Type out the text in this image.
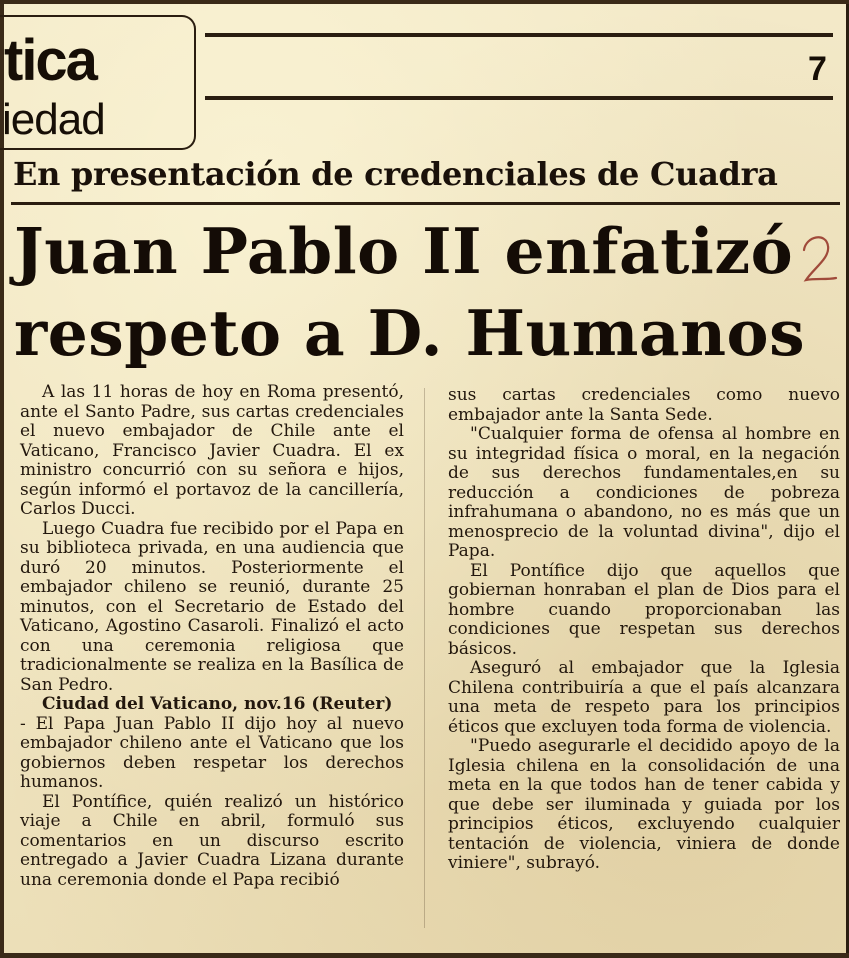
tica
iedad
7
En presentación de credenciales de Cuadra
Juan Pablo II enfatizó
respeto a D. Humanos

A las 11 horas de hoy en Roma presentó, ante el Santo Padre, sus cartas credenciales el nuevo embajador de Chile ante el Vaticano, Francisco Javier Cuadra. El ex ministro concurrió con su señora e hijos, según informó el portavoz de la cancillería, Carlos Ducci.

Luego Cuadra fue recibido por el Papa en su biblioteca privada, en una audiencia que duró 20 minutos. Posteriormente el embajador chileno se reunió, durante 25 minutos, con el Secretario de Estado del Vaticano, Agostino Casaroli. Finalizó el acto con una ceremonia religiosa que tradicionalmente se realiza en la Basílica de San Pedro.

Ciudad del Vaticano, nov.16 (Reuter)

- El Papa Juan Pablo II dijo hoy al nuevo embajador chileno ante el Vaticano que los gobiernos deben respetar los derechos humanos.

El Pontífice, quién realizó un histórico viaje a Chile en abril, formuló sus comentarios en un discurso escrito entregado a Javier Cuadra Lizana durante una ceremonia donde el Papa recibió

sus cartas credenciales como nuevo embajador ante la Santa Sede.

"Cualquier forma de ofensa al hombre en su integridad física o moral, en la negación de sus derechos fundamentales,en su reducción a condiciones de pobreza infrahumana o abandono, no es más que un menosprecio de la voluntad divina", dijo el Papa.

El Pontífice dijo que aquellos que gobiernan honraban el plan de Dios para el hombre cuando proporcionaban las condiciones que respetan sus derechos básicos.

Aseguró al embajador que la Iglesia Chilena contribuiría a que el país alcanzara una meta de respeto para los principios éticos que excluyen toda forma de violencia.

"Puedo asegurarle el decidido apoyo de la Iglesia chilena en la consolidación de una meta en la que todos han de tener cabida y que debe ser iluminada y guiada por los principios éticos, excluyendo cualquier tentación de violencia, viniera de donde viniere", subrayó.
